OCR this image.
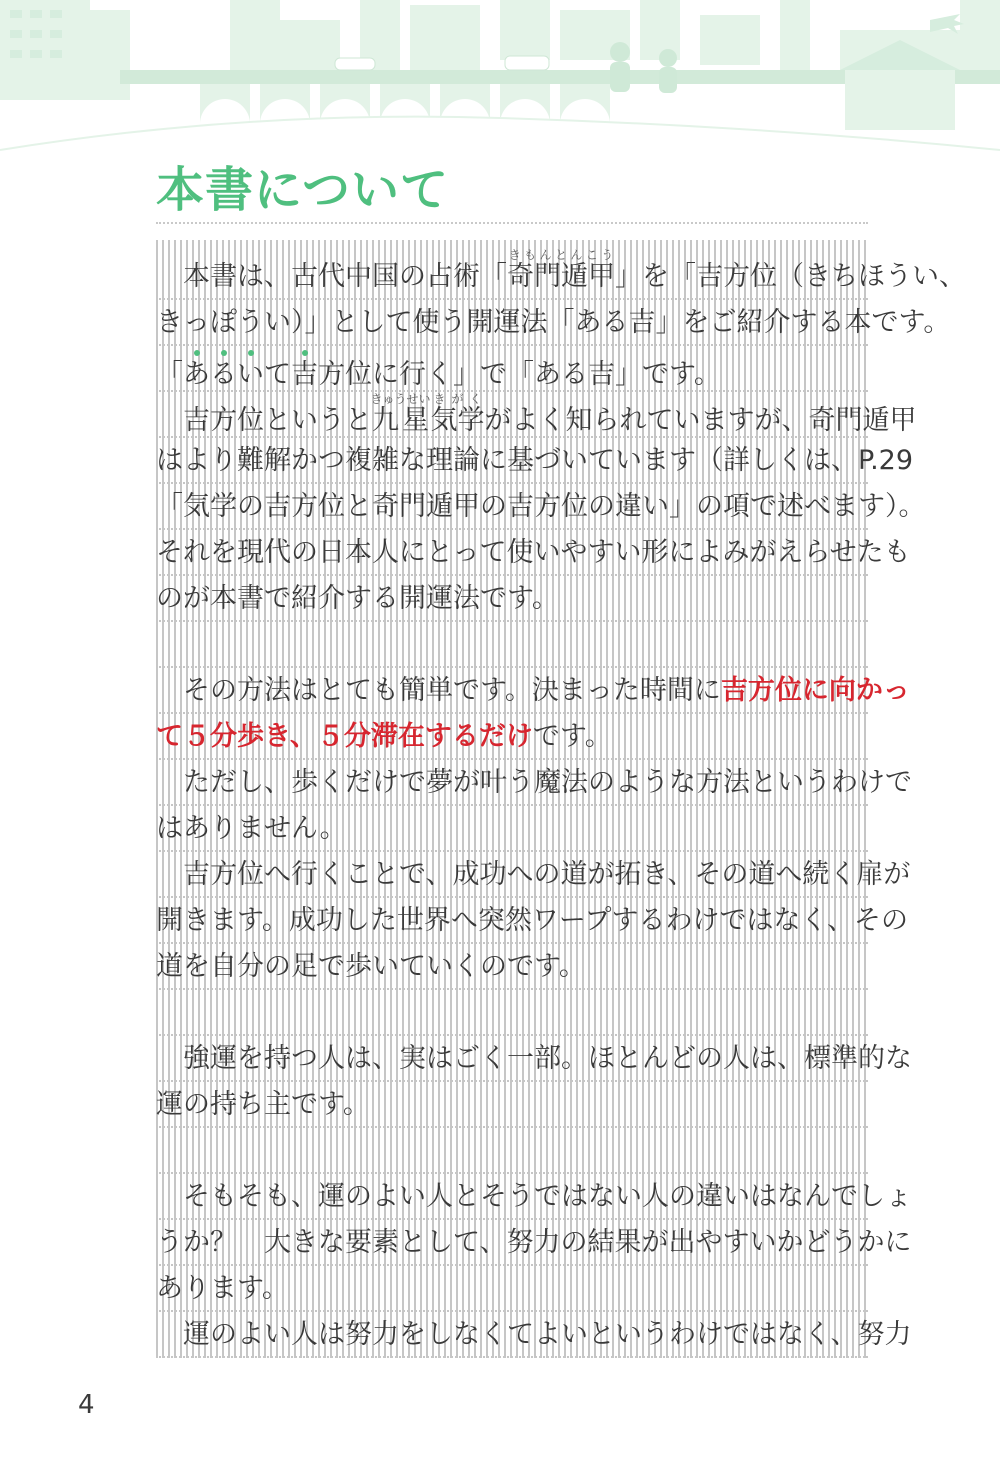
本書について
本書は、古代中国の占術「奇門遁甲きもんとんこう」を「吉方位（きちほうい、
きっぽうい）」として使う開運法「ある吉」をご紹介する本です。
「あるいて吉方位に行く」で「ある吉」です。
吉方位というと九星きゅうせい気学きがくがよく知られていますが、奇門遁甲
はより難解かつ複雑な理論に基づいています（詳しくは、P.29
「気学の吉方位と奇門遁甲の吉方位の違い」の項で述べます）。
それを現代の日本人にとって使いやすい形によみがえらせたも
のが本書で紹介する開運法です。
その方法はとても簡単です。決まった時間に吉方位に向かっ
て５分歩き、５分滞在するだけです。
ただし、歩くだけで夢が叶う魔法のような方法というわけで
はありません。
吉方位へ行くことで、成功への道が拓き、その道へ続く扉が
開きます。成功した世界へ突然ワープするわけではなく、その
道を自分の足で歩いていくのです。
強運を持つ人は、実はごく一部。ほとんどの人は、標準的な
運の持ち主です。
そもそも、運のよい人とそうではない人の違いはなんでしょ
うか？　大きな要素として、努力の結果が出やすいかどうかに
あります。
運のよい人は努力をしなくてよいというわけではなく、努力
4
